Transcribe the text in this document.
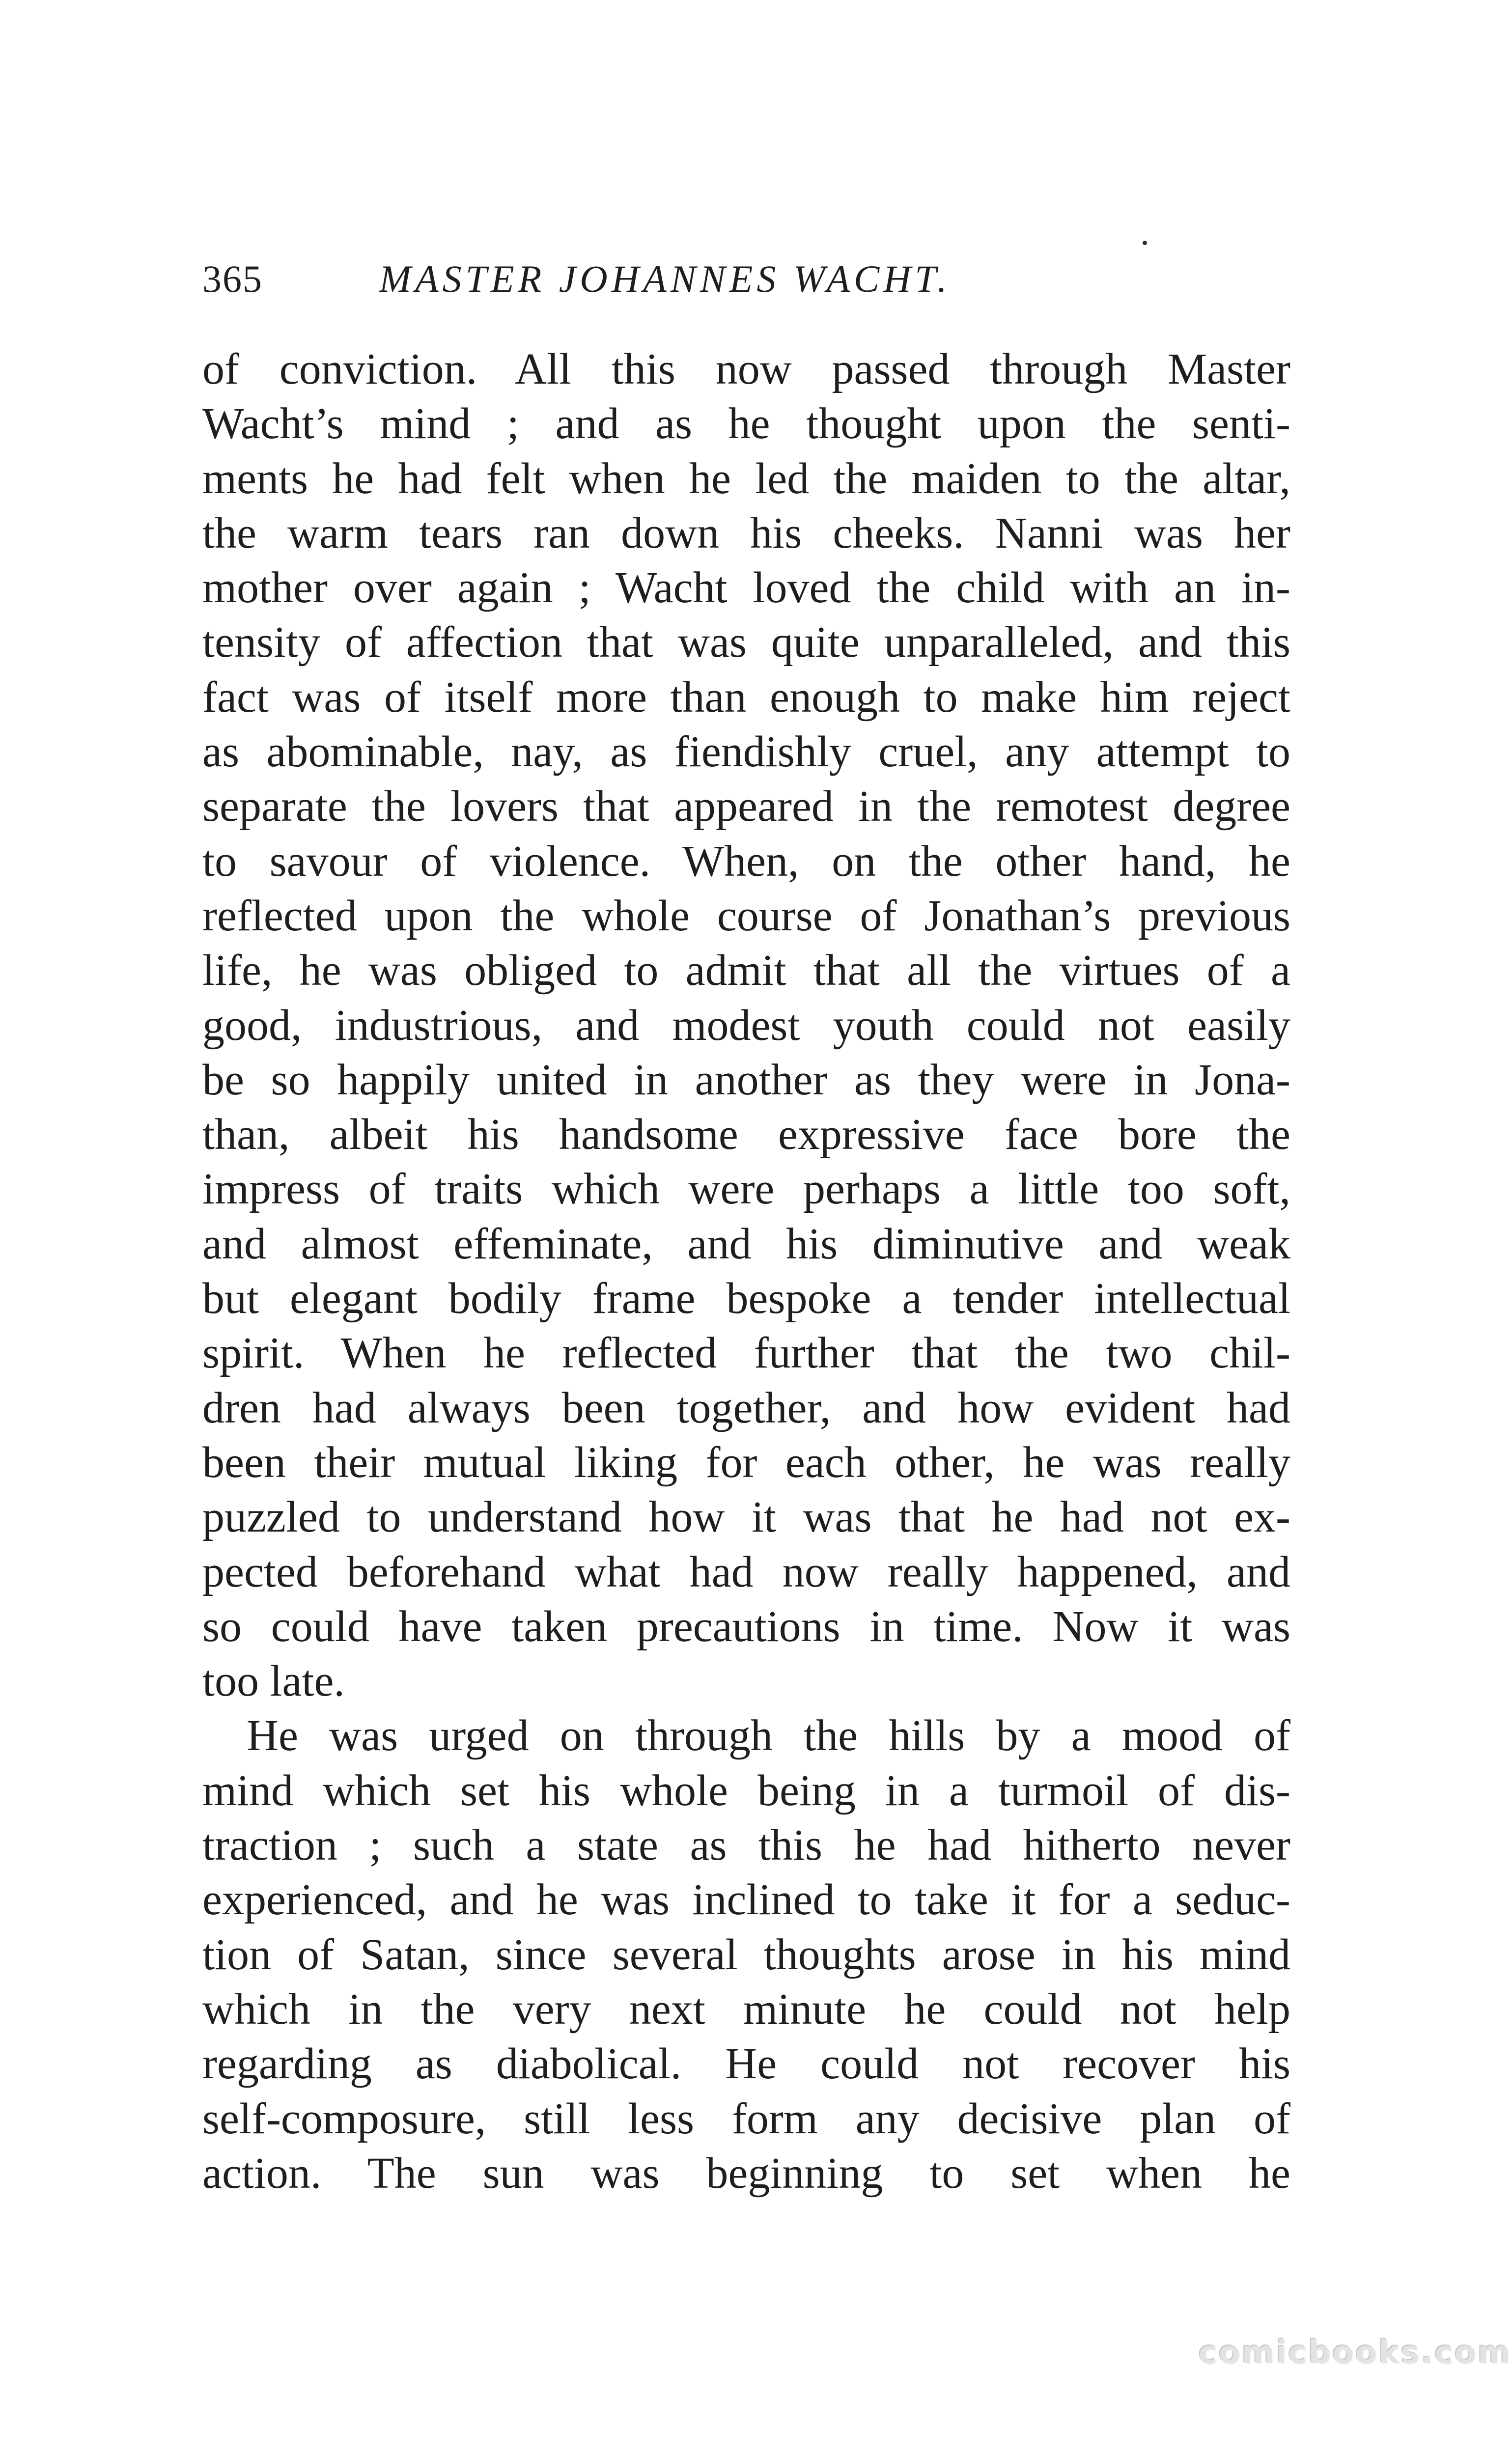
365	MASTER JOHANNES WACHT.
of conviction. All this now passed through Master
Wacht’s mind ; and as he thought upon the senti-
ments he had felt when he led the maiden to the altar,
the warm tears ran down his cheeks. Nanni was her
mother over again ; Wacht loved the child with an in-
tensity of affection that was quite unparalleled, and this
fact was of itself more than enough to make him reject
as abominable, nay, as fiendishly cruel, any attempt to
separate the lovers that appeared in the remotest degree
to savour of violence. When, on the other hand, he
reflected upon the whole course of Jonathan’s previous
life, he was obliged to admit that all the virtues of a
good, industrious, and modest youth could not easily
be so happily united in another as they were in Jona-
than, albeit his handsome expressive face bore the
impress of traits which were perhaps a little too soft,
and almost effeminate, and his diminutive and weak
but elegant bodily frame bespoke a tender intellectual
spirit. When he reflected further that the two chil-
dren had always been together, and how evident had
been their mutual liking for each other, he was really
puzzled to understand how it was that he had not ex-
pected beforehand what had now really happened, and
so could have taken precautions in time. Now it was
too late.
He was urged on through the hills by a mood of
mind which set his whole being in a turmoil of dis-
traction ; such a state as this he had hitherto never
experienced, and he was inclined to take it for a seduc-
tion of Satan, since several thoughts arose in his mind
which in the very next minute he could not help
regarding as diabolical. He could not recover his
self-composure, still less form any decisive plan of
action. The sun was beginning to set when he
comicbooks.com
